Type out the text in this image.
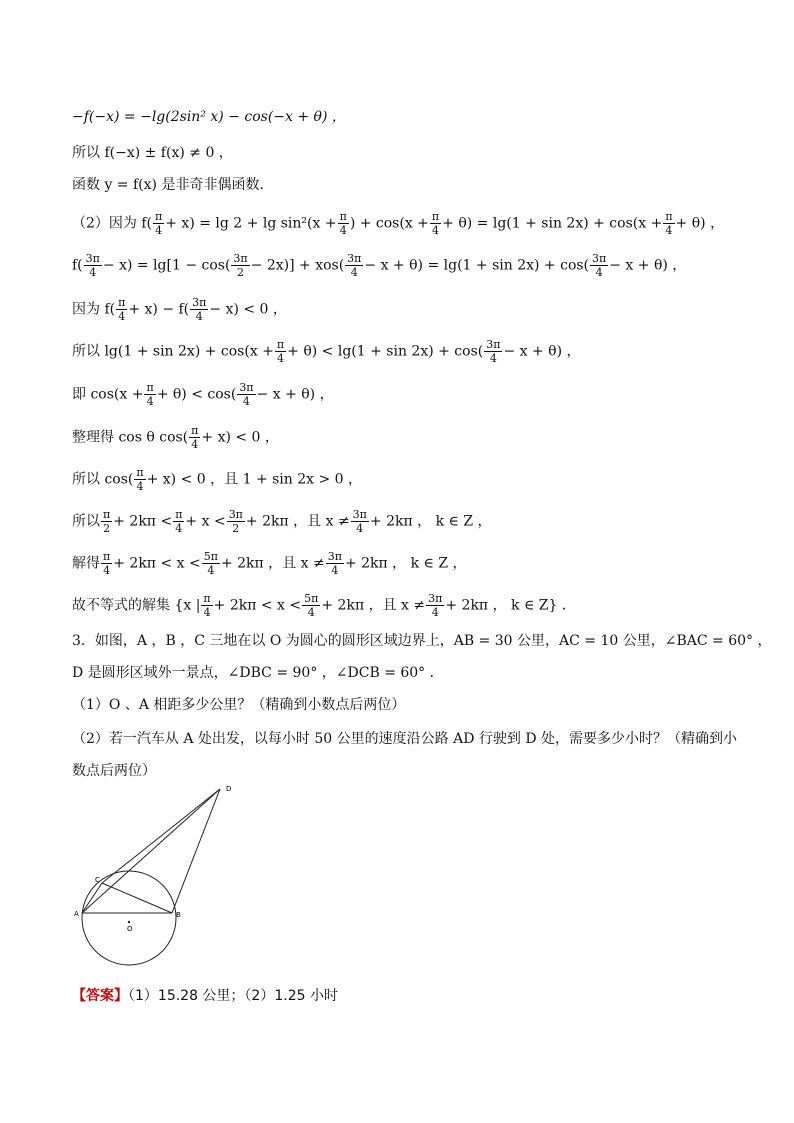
−f(−x) = −lg(2sin² x) − cos(−x + θ) ，
所以 f(−x) ± f(x) ≠ 0 ，
函数 y = f(x) 是非奇非偶函数．
（2）因为 $f( \frac{\pi}{4} + x) = \lg 2 + \lg \sin^2(x + \frac{\pi}{4}$ ) + $\cos(x + \frac{\pi}{4} + \theta) = \lg(1 + \sin 2x) + \cos(x + \frac{\pi}{4} + \theta)$ ，
$f( \frac{3\pi}{4} - x) = \lg[1 - \cos( \frac{3\pi}{2} - 2x)] + xos( \frac{3\pi}{4} - x + \theta) = \lg(1 + \sin 2x) + \cos( \frac{3\pi}{4} - x + \theta)$ ，
因为 $f( \frac{\pi}{4} + x) - f( \frac{3\pi}{4} - x) < 0$ ，
所以 $\lg(1 + \sin 2x) + \cos(x + \frac{\pi}{4} + \theta) < \lg(1 + \sin 2x) + \cos( \frac{3\pi}{4} - x + \theta)$ ，
即 $\cos(x + \frac{\pi}{4} + \theta) < \cos( \frac{3\pi}{4} - x + \theta)$ ，
整理得 cos θ $\cos( \frac{\pi}{4} + x) < 0$ ，
所以 $\cos( \frac{\pi}{4} + x) < 0$ ，且 1 + sin 2x > 0 ，
所以 $\frac{\pi}{2} + 2k\pi < \frac{\pi}{4} + x < \frac{3\pi}{2} + 2k\pi$ ，且 $x \ne \frac{3\pi}{4} + 2k\pi$ ， k ∈ Z ，
解得 $\frac{\pi}{4} + 2k\pi < x < \frac{5\pi}{4} + 2k\pi$ ，且 $x \ne \frac{3\pi}{4} + 2k\pi$ ， k ∈ Z ，
故不等式的解集 {x | $\frac{\pi}{4} + 2k\pi < x < \frac{5\pi}{4} + 2k\pi$ ，且 $x \ne \frac{3\pi}{4} + 2k\pi$ ， k ∈ Z} ．
3．如图，A ，B ，C 三地在以 O 为圆心的圆形区域边界上，AB = 30 公里，AC = 10 公里，∠BAC = 60° ，
D 是圆形区域外一景点，∠DBC = 90° ，∠DCB = 60° ．
（1）O 、A 相距多少公里？（精确到小数点后两位）
（2）若一汽车从 A 处出发，以每小时 50 公里的速度沿公路 AD 行驶到 D 处，需要多少小时？（精确到小
数点后两位）
A	B
C
D
O
【答案】（1）15.28 公里；（2）1.25 小时
